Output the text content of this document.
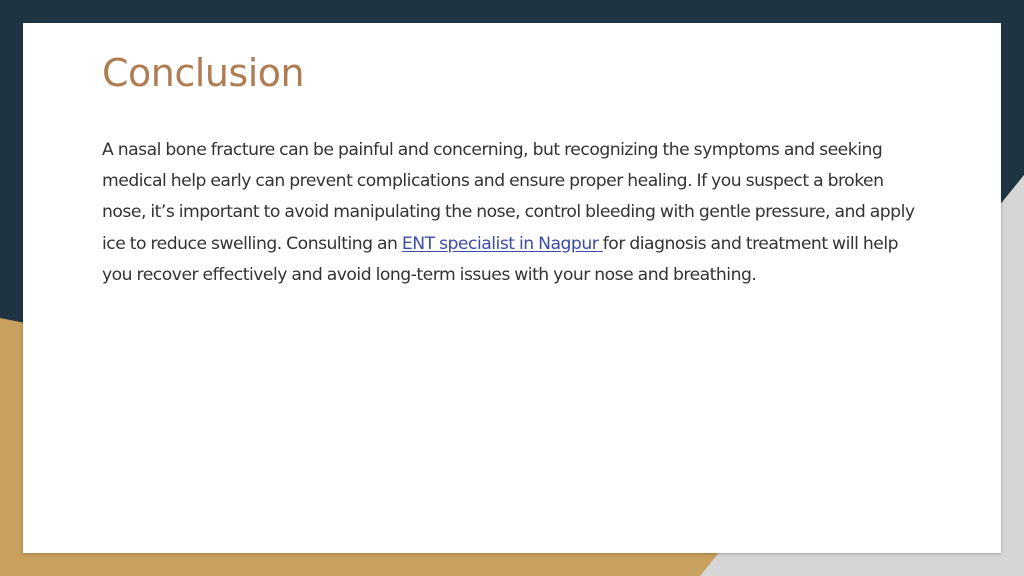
Conclusion

A nasal bone fracture can be painful and concerning, but recognizing the symptoms and seeking medical help early can prevent complications and ensure proper healing. If you suspect a broken nose, it’s important to avoid manipulating the nose, control bleeding with gentle pressure, and apply ice to reduce swelling. Consulting an ENT specialist in Nagpur for diagnosis and treatment will help you recover effectively and avoid long-term issues with your nose and breathing.
